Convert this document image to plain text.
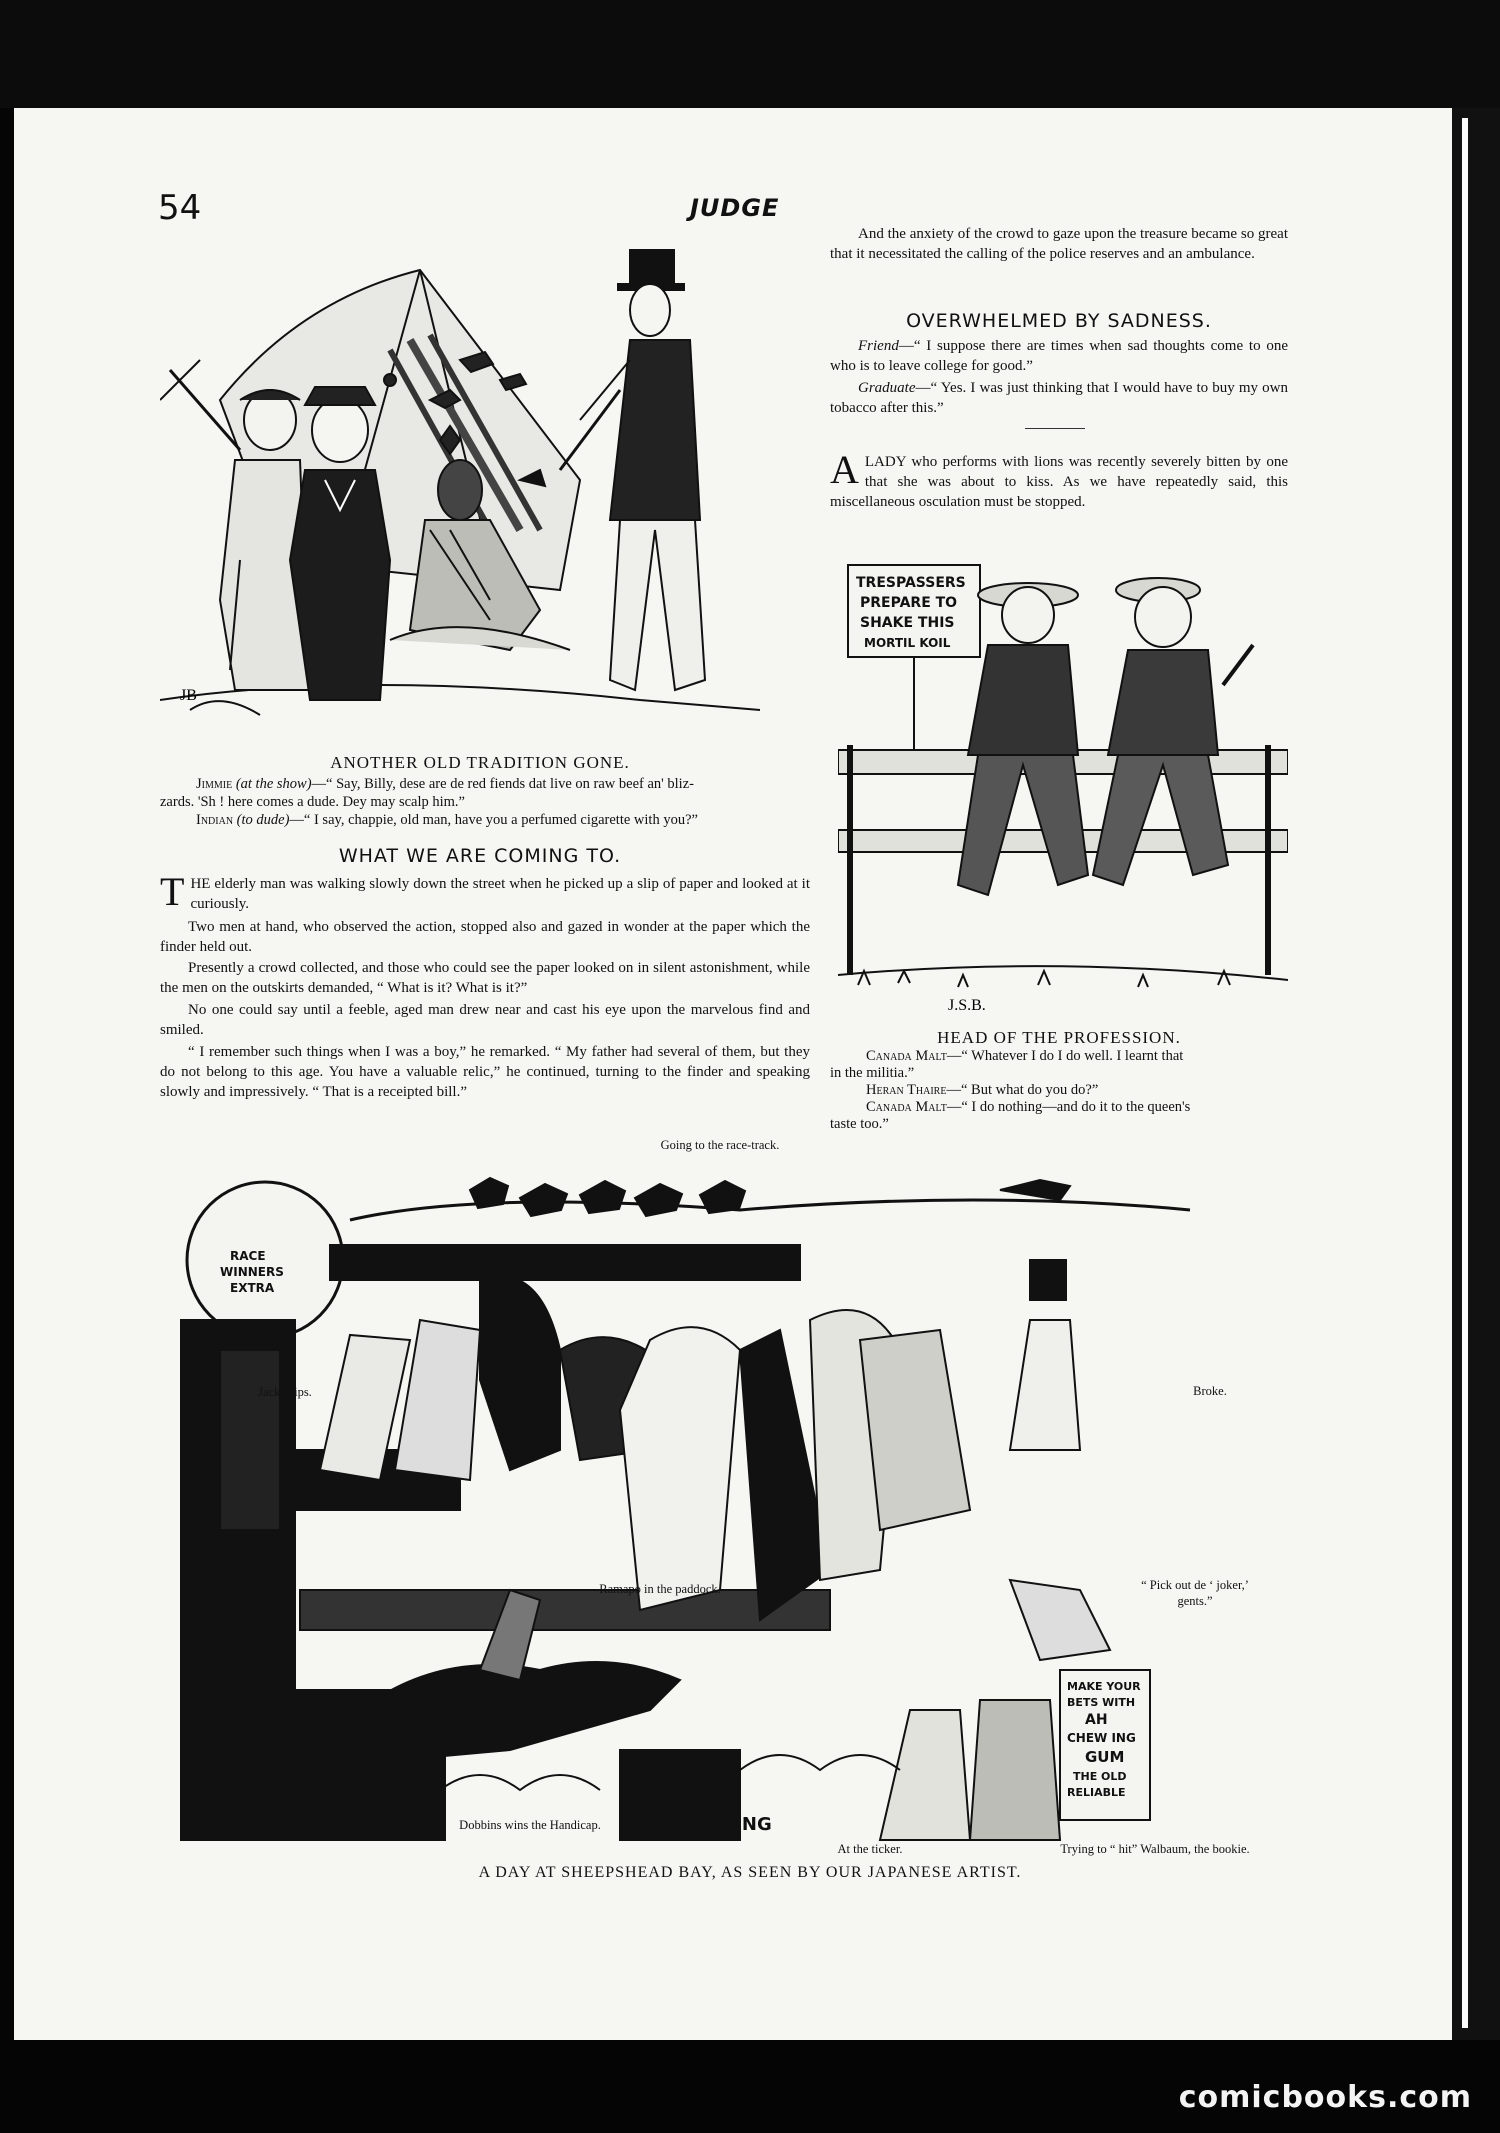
comicbooks.com
54	JUDGE
JB
ANOTHER OLD TRADITION GONE.
Jimmie (at the show)—“ Say, Billy, dese are de red fiends dat live on raw beef an' bliz-
zards. 'Sh ! here comes a dude. Dey may scalp him.”
Indian (to dude)—“ I say, chappie, old man, have you a perfumed cigarette with you?”
WHAT WE ARE COMING TO.
THE elderly man was walking slowly down the street when he picked up a slip of paper and looked at it curiously.

Two men at hand, who observed the action, stopped also and gazed in wonder at the paper which the finder held out.

Presently a crowd collected, and those who could see the paper looked on in silent astonishment, while the men on the outskirts demanded, “ What is it? What is it?”

No one could say until a feeble, aged man drew near and cast his eye upon the marvelous find and smiled.

“ I remember such things when I was a boy,” he remarked. “ My father had several of them, but they do not belong to this age. You have a valuable relic,” he continued, turning to the finder and speaking slowly and impressively. “ That is a receipted bill.”

And the anxiety of the crowd to gaze upon the treasure became so great that it necessitated the calling of the police reserves and an ambulance.

OVERWHELMED BY SADNESS.

Friend—“ I suppose there are times when sad thoughts come to one who is to leave college for good.”

Graduate—“ Yes. I was just thinking that I would have to buy my own tobacco after this.”

ALADY who performs with lions was recently severely bitten by one that she was about to kiss. As we have repeatedly said, this miscellaneous osculation must be stopped.
TRESPASSERS
PREPARE TO
SHAKE THIS
MORTIL KOIL
J.S.B.
HEAD OF THE PROFESSION.
Canada Malt—“ Whatever I do I do well. I learnt that
in the militia.”
Heran Thaire—“ But what do you do?”
Canada Malt—“ I do nothing—and do it to the queen's
taste too.”
Going to the race-track.
RACE
WINNERS
EXTRA
MAKE YOUR
BETS WITH
AH
CHEW ING
GUM
THE OLD
RELIABLE
WON LUNG
Jack's tips.	Broke.
Ramapo in the paddock.	“ Pick out de ‘ joker,’
gents.”
Dobbins wins the Handicap.
At the ticker.	Trying to “ hit” Walbaum, the bookie.
A DAY AT SHEEPSHEAD BAY, AS SEEN BY OUR JAPANESE ARTIST.
